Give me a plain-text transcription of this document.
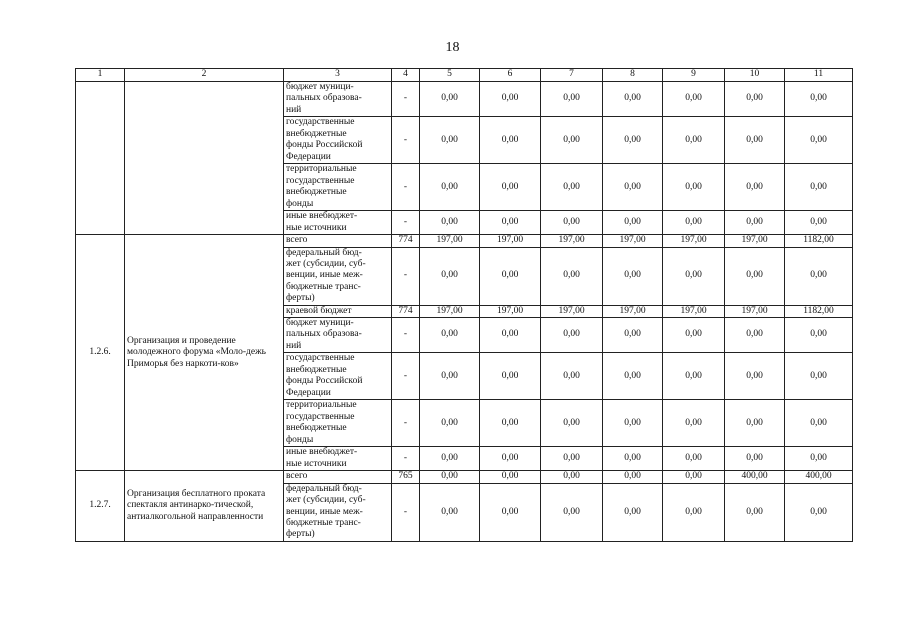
18
1	2	3	4	5	6	7	8	9	10	11
		бюджет муници-
пальных образова-
ний	-	0,00	0,00	0,00	0,00	0,00	0,00	0,00
		государственные
внебюджетные
фонды Российской
Федерации	-	0,00	0,00	0,00	0,00	0,00	0,00	0,00
		территориальные
государственные
внебюджетные
фонды	-	0,00	0,00	0,00	0,00	0,00	0,00	0,00
		иные внебюджет-
ные источники	-	0,00	0,00	0,00	0,00	0,00	0,00	0,00
1.2.6.	Организация и проведение молодежного форума «Моло-дежь Приморья без наркоти-ков»	всего	774	197,00	197,00	197,00	197,00	197,00	197,00	1182,00
		федеральный бюд-
жет (субсидии, суб-
венции, иные меж-
бюджетные транс-
ферты)	-	0,00	0,00	0,00	0,00	0,00	0,00	0,00
		краевой бюджет	774	197,00	197,00	197,00	197,00	197,00	197,00	1182,00
		бюджет муници-
пальных образова-
ний	-	0,00	0,00	0,00	0,00	0,00	0,00	0,00
		государственные
внебюджетные
фонды Российской
Федерации	-	0,00	0,00	0,00	0,00	0,00	0,00	0,00
		территориальные
государственные
внебюджетные
фонды	-	0,00	0,00	0,00	0,00	0,00	0,00	0,00
		иные внебюджет-
ные источники	-	0,00	0,00	0,00	0,00	0,00	0,00	0,00
1.2.7.	Организация бесплатного проката спектакля антинарко-тической, антиалкогольной направленности	всего	765	0,00	0,00	0,00	0,00	0,00	400,00	400,00
		федеральный бюд-
жет (субсидии, суб-
венции, иные меж-
бюджетные транс-
ферты)	-	0,00	0,00	0,00	0,00	0,00	0,00	0,00
